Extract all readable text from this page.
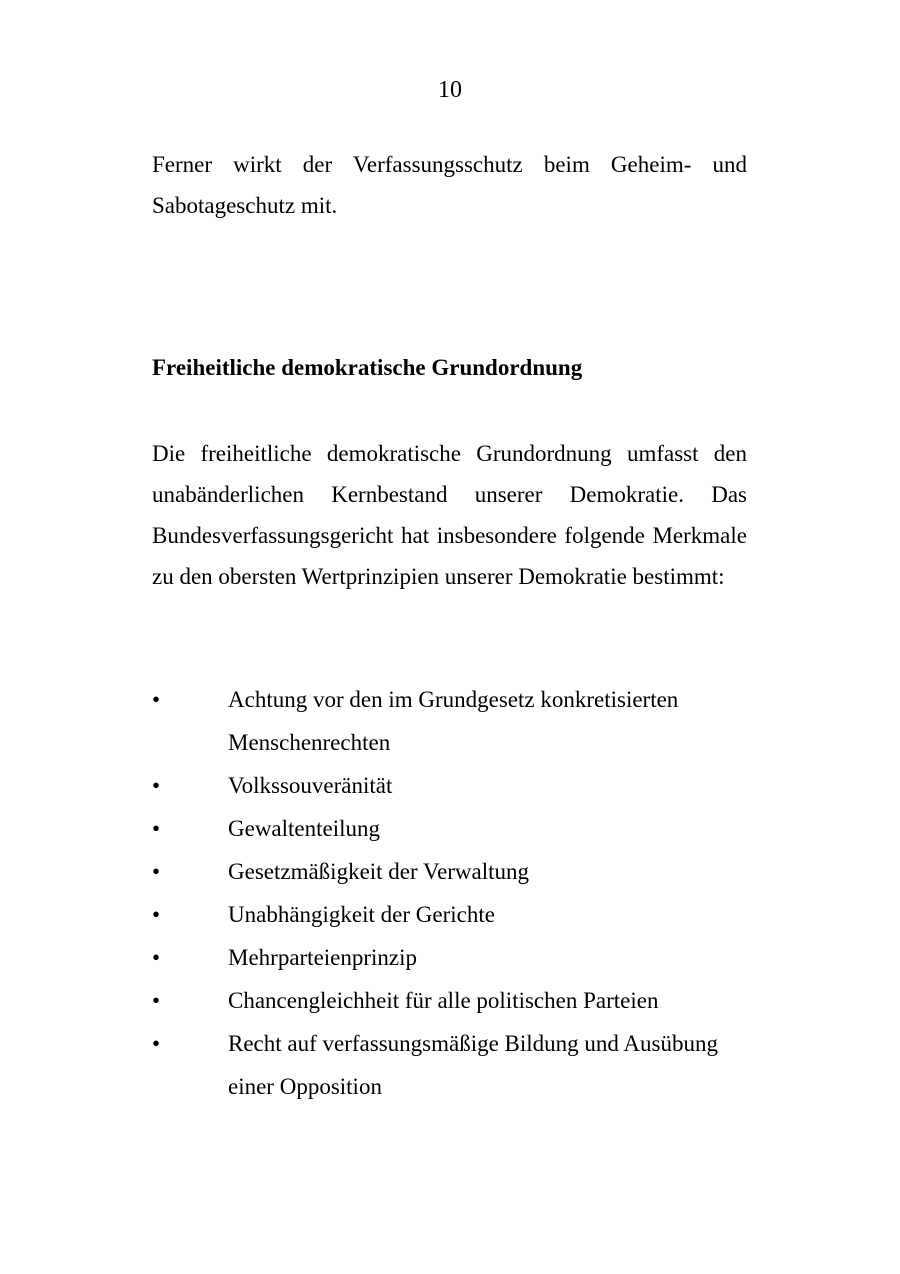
10

Ferner wirkt der Verfassungsschutz beim Geheim- und Sabotageschutz mit.

Freiheitliche demokratische Grundordnung

Die freiheitliche demokratische Grundordnung umfasst den unabänderlichen Kernbestand unserer Demokratie. Das Bundesverfassungsgericht hat insbesondere folgende Merkmale zu den obersten Wertprinzipien unserer Demokratie bestimmt:

•	Achtung vor den im Grundgesetz konkretisierten Menschenrechten
•	Volkssouveränität
•	Gewaltenteilung
•	Gesetzmäßigkeit der Verwaltung
•	Unabhängigkeit der Gerichte
•	Mehrparteienprinzip
•	Chancengleichheit für alle politischen Parteien
•	Recht auf verfassungsmäßige Bildung und Ausübung einer Opposition
